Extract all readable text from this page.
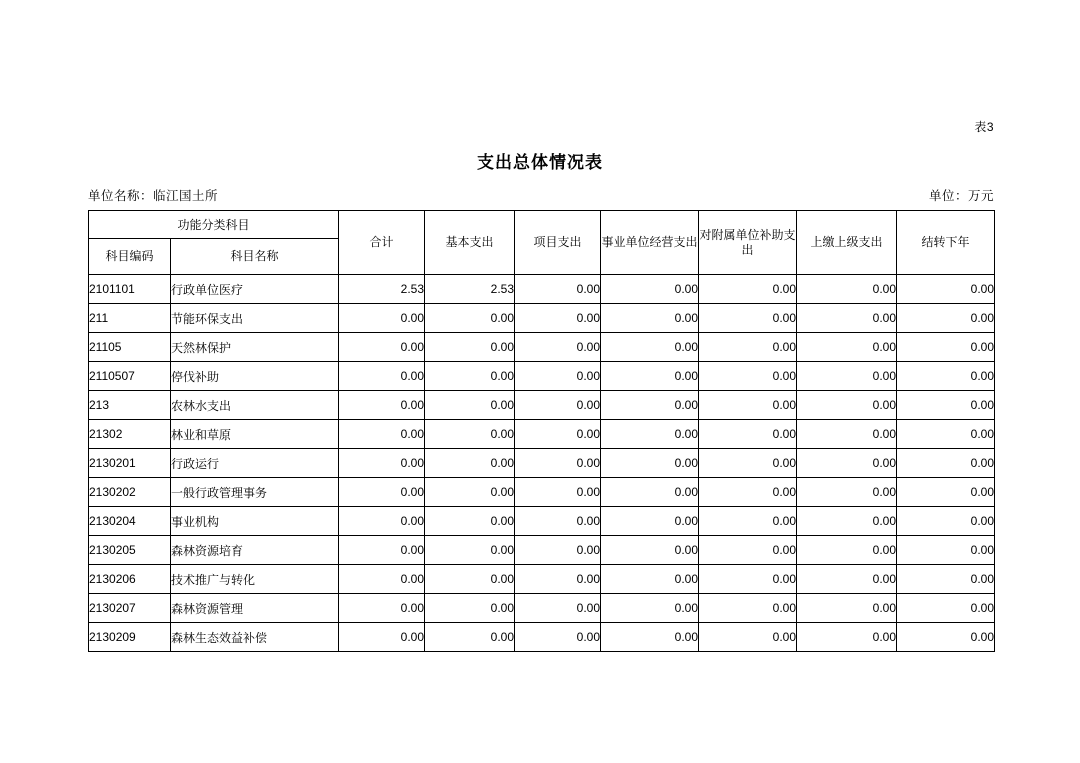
表3
支出总体情况表
单位名称：临江国土所	单位：万元
功能分类科目		合计	基本支出	项目支出	事业单位经营支出	对附属单位补助支出	上缴上级支出	结转下年
科目编码	科目名称							
2101101	行政单位医疗	2.53	2.53	0.00	0.00	0.00	0.00	0.00
211	节能环保支出	0.00	0.00	0.00	0.00	0.00	0.00	0.00
21105	天然林保护	0.00	0.00	0.00	0.00	0.00	0.00	0.00
2110507	停伐补助	0.00	0.00	0.00	0.00	0.00	0.00	0.00
213	农林水支出	0.00	0.00	0.00	0.00	0.00	0.00	0.00
21302	林业和草原	0.00	0.00	0.00	0.00	0.00	0.00	0.00
2130201	行政运行	0.00	0.00	0.00	0.00	0.00	0.00	0.00
2130202	一般行政管理事务	0.00	0.00	0.00	0.00	0.00	0.00	0.00
2130204	事业机构	0.00	0.00	0.00	0.00	0.00	0.00	0.00
2130205	森林资源培育	0.00	0.00	0.00	0.00	0.00	0.00	0.00
2130206	技术推广与转化	0.00	0.00	0.00	0.00	0.00	0.00	0.00
2130207	森林资源管理	0.00	0.00	0.00	0.00	0.00	0.00	0.00
2130209	森林生态效益补偿	0.00	0.00	0.00	0.00	0.00	0.00	0.00
